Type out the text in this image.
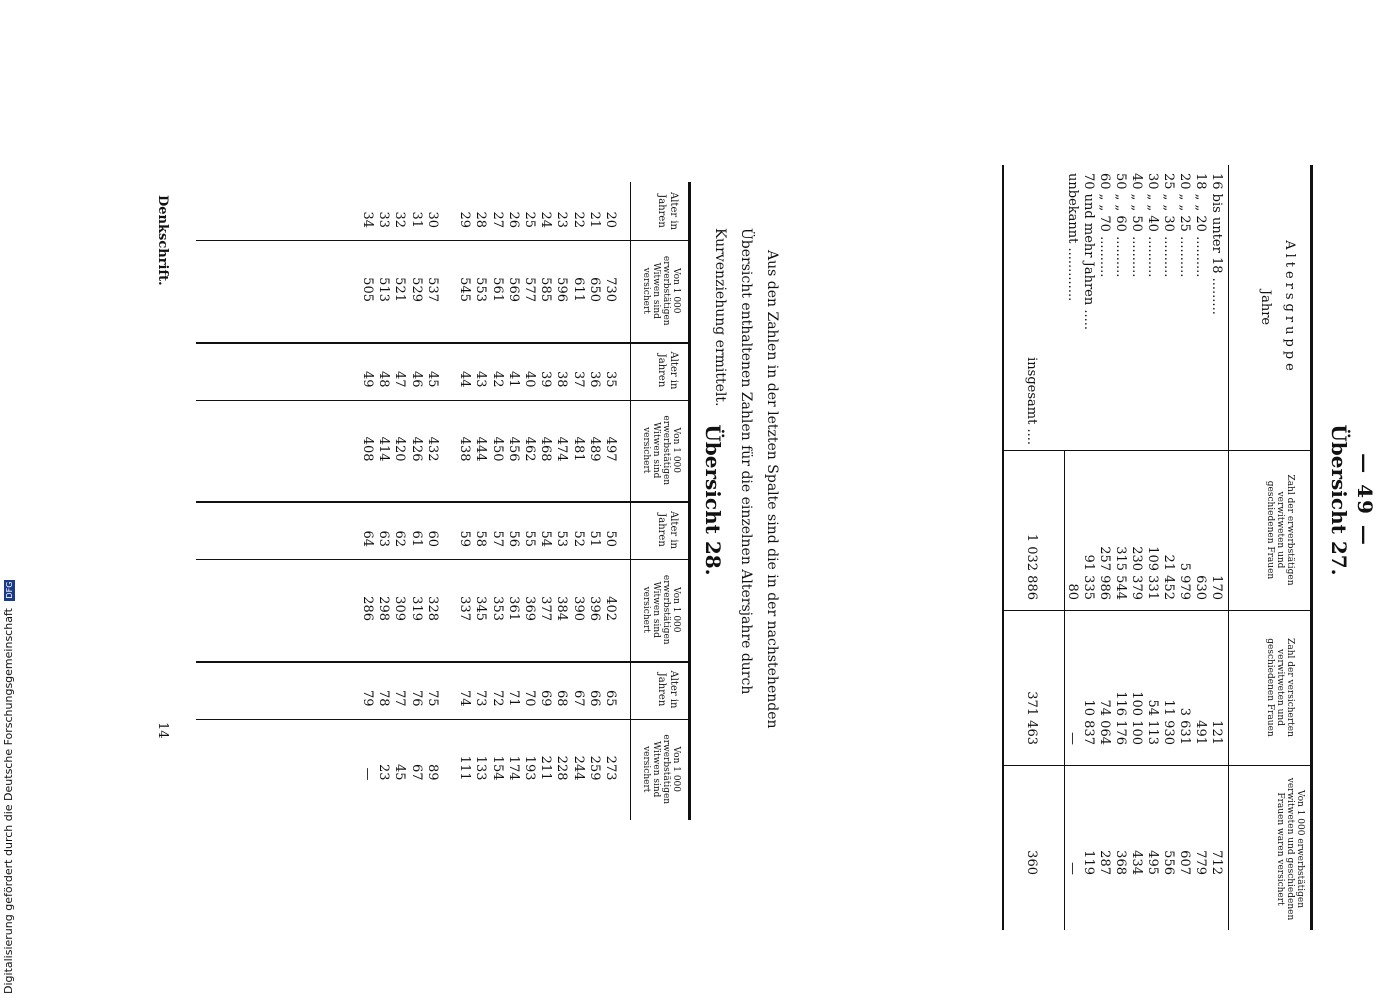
— 49 —
Übersicht 27.
Altersgruppe
Jahre
Zahl der erwerbstätigen verwitweten und geschiedenen Frauen
Zahl der versicherten verwitweten und geschiedenen Frauen
Von 1 000 erwerbstätigen verwitweten und geschiedenen Frauen waren versichert
16 bis unter 18 .........
170
121
712
18 „ „ 20 ..........
630
491
779
20 „ „ 25 ..........
5 979
3 631
607
25 „ „ 30 ..........
21 452
11 930
556
30 „ „ 40 ..........
109 331
54 113
495
40 „ „ 50 ..........
230 379
100 100
434
50 „ „ 60 ..........
315 544
116 176
368
60 „ „ 70 ..........
257 986
74 064
287
70 und mehr Jahren .....
91 335
10 837
119
unbekannt .............
80
—
—
insgesamt ....
1 032 886
371 463
360
Aus den Zahlen in der letzten Spalte sind die in der nachstehenden Übersicht enthaltenen Zahlen für die einzelnen Altersjahre durch Kurvenziehung ermittelt.
Übersicht 28.
Alter in Jahren
Von 1 000 erwerbstätigen Witwen sind versichert
20
730
21
650
22
611
23
596
24
585
25
577
26
569
27
561
28
553
29
545
30
537
31
529
32
521
33
513
34
505
Alter in Jahren
Von 1 000 erwerbstätigen Witwen sind versichert
35
497
36
489
37
481
38
474
39
468
40
462
41
456
42
450
43
444
44
438
45
432
46
426
47
420
48
414
49
408
Alter in Jahren
Von 1 000 erwerbstätigen Witwen sind versichert
50
402
51
396
52
390
53
384
54
377
55
369
56
361
57
353
58
345
59
337
60
328
61
319
62
309
63
298
64
286
Alter in Jahren
Von 1 000 erwerbstätigen Witwen sind versichert
65
273
66
259
67
244
68
228
69
211
70
193
71
174
72
154
73
133
74
111
75
89
76
67
77
45
78
23
79
—
Denkschrift.
14
Digitalisierung gefördert durch die Deutsche Forschungsgemeinschaft DFG
